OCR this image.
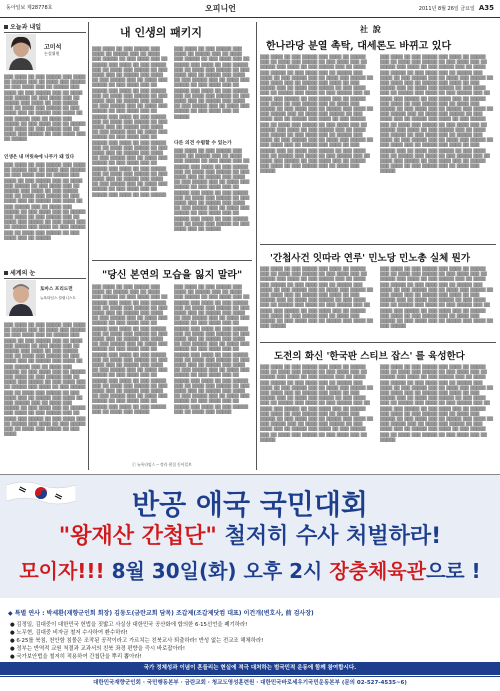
동아일보 제28778호	오피니언	2011년 8월 26일 금요일 A35
오늘과 내일
고미석
논설위원
▒▒▒ ▒▒▒▒ ▒▒ ▒▒▒ ▒▒▒▒▒ ▒▒▒ ▒▒▒▒ ▒▒ ▒▒▒▒▒ ▒▒▒ ▒▒ ▒▒▒▒ ▒▒▒ ▒▒▒▒▒ ▒▒ ▒▒▒ ▒▒▒▒ ▒▒▒ ▒▒ ▒▒▒▒▒ ▒▒▒ ▒▒▒▒ ▒▒ ▒▒▒ ▒▒▒▒▒ ▒▒▒ ▒▒ ▒▒▒▒ ▒▒▒ ▒▒▒▒▒ ▒▒ ▒▒▒ ▒▒▒▒ ▒▒▒ ▒▒ ▒▒▒▒▒ ▒▒▒ ▒▒▒▒ ▒▒ ▒▒▒ ▒▒▒▒▒ ▒▒▒ ▒▒ ▒▒▒▒ ▒▒▒ ▒▒▒▒▒ ▒▒ ▒▒▒ ▒▒▒▒ ▒▒▒ ▒▒ ▒▒▒▒▒ ▒▒▒ ▒▒▒▒ ▒▒ ▒▒▒ ▒▒▒▒▒ ▒▒▒ ▒▒ ▒▒▒▒ ▒▒▒ ▒▒▒▒▒ ▒▒ ▒▒▒ ▒▒▒▒ ▒▒▒ ▒▒ ▒▒▒▒▒ ▒▒▒ ▒▒▒▒ ▒▒ ▒▒▒ ▒▒▒▒▒ ▒▒▒ ▒▒ ▒▒▒▒ ▒▒▒ ▒▒▒▒▒ ▒▒ ▒▒▒ ▒▒▒▒ ▒▒▒ ▒▒ ▒▒▒▒▒
인생은 내 머릿속에 나무가 돼 있다
▒▒▒ ▒▒▒▒ ▒▒ ▒▒▒ ▒▒▒▒▒ ▒▒▒ ▒▒▒▒ ▒▒ ▒▒▒▒▒ ▒▒▒ ▒▒ ▒▒▒▒ ▒▒▒ ▒▒▒▒▒ ▒▒ ▒▒▒ ▒▒▒▒ ▒▒▒ ▒▒ ▒▒▒▒▒ ▒▒▒ ▒▒▒▒ ▒▒ ▒▒▒ ▒▒▒▒▒ ▒▒▒ ▒▒ ▒▒▒▒ ▒▒▒ ▒▒▒▒▒ ▒▒ ▒▒▒ ▒▒▒▒ ▒▒▒ ▒▒ ▒▒▒▒▒ ▒▒▒ ▒▒▒▒ ▒▒ ▒▒▒ ▒▒▒▒▒ ▒▒▒ ▒▒ ▒▒▒▒ ▒▒▒ ▒▒▒▒▒ ▒▒ ▒▒▒ ▒▒▒▒ ▒▒▒ ▒▒ ▒▒▒▒▒ ▒▒▒ ▒▒▒▒ ▒▒ ▒▒▒ ▒▒▒▒▒ ▒▒▒ ▒▒ ▒▒▒▒ ▒▒▒ ▒▒▒▒▒ ▒▒ ▒▒▒ ▒▒▒▒ ▒▒▒ ▒▒ ▒▒▒▒▒ ▒▒▒ ▒▒▒▒ ▒▒ ▒▒▒ ▒▒▒▒▒ ▒▒▒ ▒▒ ▒▒▒▒ ▒▒▒ ▒▒▒▒▒ ▒▒ ▒▒▒ ▒▒▒▒ ▒▒▒ ▒▒ ▒▒▒▒▒ ▒▒▒ ▒▒▒▒ ▒▒ ▒▒▒ ▒▒▒▒▒ ▒▒▒ ▒▒ ▒▒▒▒ ▒▒▒ ▒▒▒▒▒ ▒▒ ▒▒▒ ▒▒▒▒ ▒▒▒ ▒▒ ▒▒▒▒▒
세계의 눈
토마스 프리드먼
뉴욕타임스 칼럼니스트
▒▒▒ ▒▒▒▒ ▒▒ ▒▒▒ ▒▒▒▒▒ ▒▒▒ ▒▒▒▒ ▒▒ ▒▒▒▒▒ ▒▒▒ ▒▒ ▒▒▒▒ ▒▒▒ ▒▒▒▒▒ ▒▒ ▒▒▒ ▒▒▒▒ ▒▒▒ ▒▒ ▒▒▒▒▒ ▒▒▒ ▒▒▒▒ ▒▒ ▒▒▒ ▒▒▒▒▒ ▒▒▒ ▒▒ ▒▒▒▒ ▒▒▒ ▒▒▒▒▒ ▒▒ ▒▒▒ ▒▒▒▒ ▒▒▒ ▒▒ ▒▒▒▒▒ ▒▒▒ ▒▒▒▒ ▒▒ ▒▒▒ ▒▒▒▒▒ ▒▒▒ ▒▒ ▒▒▒▒ ▒▒▒ ▒▒▒▒▒ ▒▒ ▒▒▒ ▒▒▒▒ ▒▒▒ ▒▒ ▒▒▒▒▒ ▒▒▒ ▒▒▒▒ ▒▒ ▒▒▒ ▒▒▒▒▒ ▒▒▒ ▒▒ ▒▒▒▒ ▒▒▒ ▒▒▒▒▒ ▒▒ ▒▒▒ ▒▒▒▒ ▒▒▒ ▒▒ ▒▒▒▒▒ ▒▒▒ ▒▒▒▒ ▒▒ ▒▒▒ ▒▒▒▒▒ ▒▒▒ ▒▒ ▒▒▒▒ ▒▒▒ ▒▒▒▒▒ ▒▒ ▒▒▒ ▒▒▒▒ ▒▒▒ ▒▒ ▒▒▒▒▒ ▒▒▒ ▒▒▒▒ ▒▒ ▒▒▒ ▒▒▒▒▒ ▒▒▒ ▒▒ ▒▒▒▒ ▒▒▒ ▒▒▒▒▒ ▒▒ ▒▒▒ ▒▒▒▒ ▒▒▒ ▒▒ ▒▒▒▒▒ ▒▒▒ ▒▒▒▒ ▒▒ ▒▒▒ ▒▒▒▒▒ ▒▒▒ ▒▒ ▒▒▒▒ ▒▒▒ ▒▒▒▒▒ ▒▒ ▒▒▒ ▒▒▒▒ ▒▒▒ ▒▒ ▒▒▒▒▒ ▒▒▒ ▒▒▒▒ ▒▒ ▒▒▒ ▒▒▒▒▒ ▒▒▒ ▒▒ ▒▒▒▒ ▒▒▒ ▒▒▒▒▒ ▒▒ ▒▒▒ ▒▒▒▒ ▒▒▒ ▒▒ ▒▒▒▒▒ ▒▒▒ ▒▒▒▒ ▒▒ ▒▒▒ ▒▒▒▒▒ ▒▒▒ ▒▒ ▒▒▒▒ ▒▒▒ ▒▒▒▒▒ ▒▒ ▒▒▒ ▒▒▒▒
내 인생의 패키지
▒▒▒ ▒▒▒▒ ▒▒ ▒▒▒ ▒▒▒▒▒ ▒▒▒ ▒▒▒▒ ▒▒ ▒▒▒▒▒ ▒▒▒ ▒▒ ▒▒▒▒ ▒▒▒ ▒▒▒▒▒ ▒▒ ▒▒▒ ▒▒▒▒ ▒▒▒ ▒▒ ▒▒▒▒▒ ▒▒▒ ▒▒▒▒ ▒▒ ▒▒▒ ▒▒▒▒▒ ▒▒▒ ▒▒ ▒▒▒▒ ▒▒▒ ▒▒▒▒▒ ▒▒ ▒▒▒ ▒▒▒▒ ▒▒▒ ▒▒ ▒▒▒▒▒ ▒▒▒ ▒▒▒▒ ▒▒ ▒▒▒ ▒▒▒▒▒ ▒▒▒ ▒▒ ▒▒▒▒ ▒▒▒ ▒▒▒▒▒ ▒▒ ▒▒▒ ▒▒▒▒ ▒▒▒ ▒▒ ▒▒▒▒▒ ▒▒▒ ▒▒▒▒ ▒▒ ▒▒▒ ▒▒▒▒▒ ▒▒▒ ▒▒ ▒▒▒▒ ▒▒▒ ▒▒▒▒▒ ▒▒ ▒▒▒ ▒▒▒▒ ▒▒▒ ▒▒ ▒▒▒▒▒ ▒▒▒ ▒▒▒▒ ▒▒ ▒▒▒ ▒▒▒▒▒ ▒▒▒ ▒▒ ▒▒▒▒ ▒▒▒ ▒▒▒▒▒ ▒▒ ▒▒▒ ▒▒▒▒ ▒▒▒ ▒▒ ▒▒▒▒▒ ▒▒▒ ▒▒▒▒ ▒▒ ▒▒▒ ▒▒▒▒▒ ▒▒▒ ▒▒ ▒▒▒▒ ▒▒▒ ▒▒▒▒▒ ▒▒ ▒▒▒ ▒▒▒▒ ▒▒▒ ▒▒ ▒▒▒▒▒ ▒▒▒ ▒▒▒▒ ▒▒ ▒▒▒ ▒▒▒▒▒ ▒▒▒ ▒▒ ▒▒▒▒ ▒▒▒ ▒▒▒▒▒ ▒▒ ▒▒▒ ▒▒▒▒ ▒▒▒ ▒▒ ▒▒▒▒▒ ▒▒▒ ▒▒▒▒ ▒▒ ▒▒▒ ▒▒▒▒▒ ▒▒▒ ▒▒ ▒▒▒▒ ▒▒▒ ▒▒▒▒▒ ▒▒ ▒▒▒ ▒▒▒▒ ▒▒▒ ▒▒ ▒▒▒▒▒ ▒▒▒ ▒▒▒▒ ▒▒ ▒▒▒ ▒▒▒▒▒ ▒▒▒ ▒▒ ▒▒▒▒ ▒▒▒ ▒▒▒▒▒ ▒▒ ▒▒▒ ▒▒▒▒ ▒▒▒ ▒▒ ▒▒▒▒▒ ▒▒▒ ▒▒▒▒ ▒▒ ▒▒▒ ▒▒▒▒▒ ▒▒▒ ▒▒ ▒▒▒▒ ▒▒▒ ▒▒▒▒▒ ▒▒ ▒▒▒ ▒▒▒▒ ▒▒▒ ▒▒ ▒▒▒▒▒ ▒▒▒ ▒▒▒▒ ▒▒ ▒▒▒ ▒▒▒▒▒ ▒▒▒ ▒▒ ▒▒▒▒ ▒▒▒ ▒▒▒▒▒ ▒▒ ▒▒▒ ▒▒▒▒ ▒▒▒ ▒▒ ▒▒▒▒▒ ▒▒▒ ▒▒▒▒ ▒▒ ▒▒▒ ▒▒▒▒▒
▒▒▒ ▒▒▒▒ ▒▒ ▒▒▒ ▒▒▒▒▒ ▒▒▒ ▒▒▒▒ ▒▒ ▒▒▒▒▒ ▒▒▒ ▒▒ ▒▒▒▒ ▒▒▒ ▒▒▒▒▒ ▒▒ ▒▒▒ ▒▒▒▒ ▒▒▒ ▒▒ ▒▒▒▒▒ ▒▒▒ ▒▒▒▒ ▒▒ ▒▒▒ ▒▒▒▒▒ ▒▒▒ ▒▒ ▒▒▒▒ ▒▒▒ ▒▒▒▒▒ ▒▒ ▒▒▒ ▒▒▒▒ ▒▒▒ ▒▒ ▒▒▒▒▒ ▒▒▒ ▒▒▒▒ ▒▒ ▒▒▒ ▒▒▒▒▒ ▒▒▒ ▒▒ ▒▒▒▒ ▒▒▒ ▒▒▒▒▒ ▒▒ ▒▒▒ ▒▒▒▒ ▒▒▒ ▒▒ ▒▒▒▒▒ ▒▒▒ ▒▒▒▒ ▒▒ ▒▒▒ ▒▒▒▒▒ ▒▒▒ ▒▒ ▒▒▒▒ ▒▒▒ ▒▒▒▒▒ ▒▒ ▒▒▒ ▒▒▒▒ ▒▒▒ ▒▒ ▒▒▒▒▒ ▒▒▒ ▒▒▒▒ ▒▒ ▒▒▒ ▒▒▒▒▒ ▒▒▒ ▒▒ ▒▒▒▒ ▒▒▒ ▒▒▒▒▒ ▒▒ ▒▒▒ ▒▒▒▒ ▒▒▒ ▒▒ ▒▒▒▒▒
다른 의견 수렴할 수 있는가
▒▒▒ ▒▒▒▒ ▒▒ ▒▒▒ ▒▒▒▒▒ ▒▒▒ ▒▒▒▒ ▒▒ ▒▒▒▒▒ ▒▒▒ ▒▒ ▒▒▒▒ ▒▒▒ ▒▒▒▒▒ ▒▒ ▒▒▒ ▒▒▒▒ ▒▒▒ ▒▒ ▒▒▒▒▒ ▒▒▒ ▒▒▒▒ ▒▒ ▒▒▒ ▒▒▒▒▒ ▒▒▒ ▒▒ ▒▒▒▒ ▒▒▒ ▒▒▒▒▒ ▒▒ ▒▒▒ ▒▒▒▒ ▒▒▒ ▒▒ ▒▒▒▒▒ ▒▒▒ ▒▒▒▒ ▒▒ ▒▒▒ ▒▒▒▒▒ ▒▒▒ ▒▒ ▒▒▒▒ ▒▒▒ ▒▒▒▒▒ ▒▒ ▒▒▒ ▒▒▒▒ ▒▒▒ ▒▒ ▒▒▒▒▒ ▒▒▒ ▒▒▒▒ ▒▒ ▒▒▒ ▒▒▒▒▒ ▒▒▒ ▒▒ ▒▒▒▒ ▒▒▒ ▒▒▒▒▒ ▒▒ ▒▒▒ ▒▒▒▒ ▒▒▒ ▒▒ ▒▒▒▒▒ ▒▒▒ ▒▒▒▒ ▒▒ ▒▒▒ ▒▒▒▒▒ ▒▒▒ ▒▒ ▒▒▒▒ ▒▒▒ ▒▒▒▒▒ ▒▒ ▒▒▒ ▒▒▒▒ ▒▒▒ ▒▒ ▒▒▒▒▒ ▒▒▒ ▒▒▒▒ ▒▒ ▒▒▒ ▒▒▒▒▒ ▒▒▒ ▒▒ ▒▒▒▒ ▒▒▒ ▒▒▒▒▒ ▒▒ ▒▒▒ ▒▒▒▒ ▒▒▒ ▒▒ ▒▒▒▒▒
"당신 본연의 모습을 잃지 말라"
▒▒▒ ▒▒▒▒ ▒▒ ▒▒▒ ▒▒▒▒▒ ▒▒▒ ▒▒▒▒ ▒▒ ▒▒▒▒▒ ▒▒▒ ▒▒ ▒▒▒▒ ▒▒▒ ▒▒▒▒▒ ▒▒ ▒▒▒ ▒▒▒▒ ▒▒▒ ▒▒ ▒▒▒▒▒ ▒▒▒ ▒▒▒▒ ▒▒ ▒▒▒ ▒▒▒▒▒ ▒▒▒ ▒▒ ▒▒▒▒ ▒▒▒ ▒▒▒▒▒ ▒▒ ▒▒▒ ▒▒▒▒ ▒▒▒ ▒▒ ▒▒▒▒▒ ▒▒▒ ▒▒▒▒ ▒▒ ▒▒▒ ▒▒▒▒▒ ▒▒▒ ▒▒ ▒▒▒▒ ▒▒▒ ▒▒▒▒▒ ▒▒ ▒▒▒ ▒▒▒▒ ▒▒▒ ▒▒ ▒▒▒▒▒ ▒▒▒ ▒▒▒▒ ▒▒ ▒▒▒ ▒▒▒▒▒ ▒▒▒ ▒▒ ▒▒▒▒ ▒▒▒ ▒▒▒▒▒ ▒▒ ▒▒▒ ▒▒▒▒ ▒▒▒ ▒▒ ▒▒▒▒▒ ▒▒▒ ▒▒▒▒ ▒▒ ▒▒▒ ▒▒▒▒▒ ▒▒▒ ▒▒ ▒▒▒▒ ▒▒▒ ▒▒▒▒▒ ▒▒ ▒▒▒ ▒▒▒▒ ▒▒▒ ▒▒ ▒▒▒▒▒ ▒▒▒ ▒▒▒▒ ▒▒ ▒▒▒ ▒▒▒▒▒ ▒▒▒ ▒▒ ▒▒▒▒ ▒▒▒ ▒▒▒▒▒ ▒▒ ▒▒▒ ▒▒▒▒ ▒▒▒ ▒▒ ▒▒▒▒▒ ▒▒▒ ▒▒▒▒ ▒▒ ▒▒▒ ▒▒▒▒▒ ▒▒▒ ▒▒ ▒▒▒▒ ▒▒▒ ▒▒▒▒▒ ▒▒ ▒▒▒ ▒▒▒▒ ▒▒▒ ▒▒ ▒▒▒▒▒ ▒▒▒ ▒▒▒▒ ▒▒ ▒▒▒ ▒▒▒▒▒ ▒▒▒ ▒▒ ▒▒▒▒ ▒▒▒ ▒▒▒▒▒ ▒▒ ▒▒▒ ▒▒▒▒ ▒▒▒ ▒▒ ▒▒▒▒▒ ▒▒▒ ▒▒▒▒ ▒▒ ▒▒▒ ▒▒▒▒▒ ▒▒▒ ▒▒ ▒▒▒▒ ▒▒▒ ▒▒▒▒▒ ▒▒ ▒▒▒ ▒▒▒▒ ▒▒▒ ▒▒ ▒▒▒▒▒ ▒▒▒ ▒▒▒▒ ▒▒ ▒▒▒ ▒▒▒▒▒ ▒▒▒ ▒▒ ▒▒▒▒ ▒▒▒ ▒▒▒▒▒
▒▒▒ ▒▒▒▒ ▒▒ ▒▒▒ ▒▒▒▒▒ ▒▒▒ ▒▒▒▒ ▒▒ ▒▒▒▒▒ ▒▒▒ ▒▒ ▒▒▒▒ ▒▒▒ ▒▒▒▒▒ ▒▒ ▒▒▒ ▒▒▒▒ ▒▒▒ ▒▒ ▒▒▒▒▒ ▒▒▒ ▒▒▒▒ ▒▒ ▒▒▒ ▒▒▒▒▒ ▒▒▒ ▒▒ ▒▒▒▒ ▒▒▒ ▒▒▒▒▒ ▒▒ ▒▒▒ ▒▒▒▒ ▒▒▒ ▒▒ ▒▒▒▒▒ ▒▒▒ ▒▒▒▒ ▒▒ ▒▒▒ ▒▒▒▒▒ ▒▒▒ ▒▒ ▒▒▒▒ ▒▒▒ ▒▒▒▒▒ ▒▒ ▒▒▒ ▒▒▒▒ ▒▒▒ ▒▒ ▒▒▒▒▒ ▒▒▒ ▒▒▒▒ ▒▒ ▒▒▒ ▒▒▒▒▒ ▒▒▒ ▒▒ ▒▒▒▒ ▒▒▒ ▒▒▒▒▒ ▒▒ ▒▒▒ ▒▒▒▒ ▒▒▒ ▒▒ ▒▒▒▒▒ ▒▒▒ ▒▒▒▒ ▒▒ ▒▒▒ ▒▒▒▒▒ ▒▒▒ ▒▒ ▒▒▒▒ ▒▒▒ ▒▒▒▒▒ ▒▒ ▒▒▒ ▒▒▒▒ ▒▒▒ ▒▒ ▒▒▒▒▒ ▒▒▒ ▒▒▒▒ ▒▒ ▒▒▒ ▒▒▒▒▒ ▒▒▒ ▒▒ ▒▒▒▒ ▒▒▒ ▒▒▒▒▒ ▒▒ ▒▒▒ ▒▒▒▒ ▒▒▒ ▒▒ ▒▒▒▒▒ ▒▒▒ ▒▒▒▒ ▒▒ ▒▒▒ ▒▒▒▒▒ ▒▒▒ ▒▒ ▒▒▒▒ ▒▒▒ ▒▒▒▒▒ ▒▒ ▒▒▒ ▒▒▒▒ ▒▒▒ ▒▒ ▒▒▒▒▒ ▒▒▒ ▒▒▒▒ ▒▒ ▒▒▒ ▒▒▒▒▒ ▒▒▒ ▒▒ ▒▒▒▒ ▒▒▒ ▒▒▒▒▒ ▒▒ ▒▒▒ ▒▒▒▒ ▒▒▒ ▒▒ ▒▒▒▒▒ ▒▒▒ ▒▒▒▒ ▒▒ ▒▒▒ ▒▒▒▒▒ ▒▒▒ ▒▒ ▒▒▒▒ ▒▒▒ ▒▒▒▒▒ ▒▒ ▒▒▒ ▒▒▒▒ ▒▒▒ ▒▒ ▒▒▒▒▒ ▒▒▒ ▒▒▒▒ ▒▒ ▒▒▒ ▒▒▒▒▒ ▒▒▒ ▒▒ ▒▒▒▒ ▒▒▒ ▒▒▒▒▒
ⓒ 뉴욕타임스 ─ 정리·편집 동아일보
社 說
한나라당 분열 촉탁, 대세론도 바뀌고 있다
▒▒▒ ▒▒▒▒ ▒▒ ▒▒▒ ▒▒▒▒▒ ▒▒▒ ▒▒▒▒ ▒▒ ▒▒▒▒▒ ▒▒▒ ▒▒ ▒▒▒▒ ▒▒▒ ▒▒▒▒▒ ▒▒ ▒▒▒ ▒▒▒▒ ▒▒▒ ▒▒ ▒▒▒▒▒ ▒▒▒ ▒▒▒▒ ▒▒ ▒▒▒ ▒▒▒▒▒ ▒▒▒ ▒▒ ▒▒▒▒ ▒▒▒ ▒▒▒▒▒ ▒▒ ▒▒▒ ▒▒▒▒ ▒▒▒ ▒▒ ▒▒▒▒▒ ▒▒▒ ▒▒▒▒ ▒▒ ▒▒▒ ▒▒▒▒▒ ▒▒▒ ▒▒ ▒▒▒▒ ▒▒▒ ▒▒▒▒▒ ▒▒ ▒▒▒ ▒▒▒▒ ▒▒▒ ▒▒ ▒▒▒▒▒ ▒▒▒ ▒▒▒▒ ▒▒ ▒▒▒ ▒▒▒▒▒ ▒▒▒ ▒▒ ▒▒▒▒ ▒▒▒ ▒▒▒▒▒ ▒▒ ▒▒▒ ▒▒▒▒ ▒▒▒ ▒▒ ▒▒▒▒▒ ▒▒▒ ▒▒▒▒ ▒▒ ▒▒▒ ▒▒▒▒▒ ▒▒▒ ▒▒ ▒▒▒▒ ▒▒▒ ▒▒▒▒▒ ▒▒ ▒▒▒ ▒▒▒▒ ▒▒▒ ▒▒ ▒▒▒▒▒ ▒▒▒ ▒▒▒▒ ▒▒ ▒▒▒ ▒▒▒▒▒ ▒▒▒ ▒▒ ▒▒▒▒ ▒▒▒ ▒▒▒▒▒ ▒▒ ▒▒▒ ▒▒▒▒ ▒▒▒ ▒▒ ▒▒▒▒▒ ▒▒▒ ▒▒▒▒ ▒▒ ▒▒▒ ▒▒▒▒▒ ▒▒▒ ▒▒ ▒▒▒▒ ▒▒▒ ▒▒▒▒▒ ▒▒ ▒▒▒ ▒▒▒▒ ▒▒▒ ▒▒ ▒▒▒▒▒ ▒▒▒ ▒▒▒▒ ▒▒ ▒▒▒ ▒▒▒▒▒ ▒▒▒ ▒▒ ▒▒▒▒ ▒▒▒ ▒▒▒▒▒ ▒▒ ▒▒▒ ▒▒▒▒ ▒▒▒ ▒▒ ▒▒▒▒▒ ▒▒▒ ▒▒▒▒ ▒▒ ▒▒▒ ▒▒▒▒▒ ▒▒▒ ▒▒ ▒▒▒▒ ▒▒▒ ▒▒▒▒▒ ▒▒ ▒▒▒ ▒▒▒▒ ▒▒▒ ▒▒ ▒▒▒▒▒ ▒▒▒ ▒▒▒▒ ▒▒ ▒▒▒ ▒▒▒▒▒ ▒▒▒ ▒▒ ▒▒▒▒ ▒▒▒ ▒▒▒▒▒ ▒▒ ▒▒▒ ▒▒▒▒ ▒▒▒ ▒▒ ▒▒▒▒▒ ▒▒▒ ▒▒▒▒ ▒▒ ▒▒▒ ▒▒▒▒▒ ▒▒▒ ▒▒ ▒▒▒▒ ▒▒▒ ▒▒▒▒▒ ▒▒ ▒▒▒ ▒▒▒▒ ▒▒▒ ▒▒ ▒▒▒▒▒ ▒▒▒ ▒▒▒▒ ▒▒ ▒▒▒ ▒▒▒▒▒ ▒▒▒ ▒▒ ▒▒▒▒ ▒▒▒ ▒▒▒▒▒ ▒▒ ▒▒▒ ▒▒▒▒ ▒▒▒ ▒▒ ▒▒▒▒▒ ▒▒▒ ▒▒▒▒ ▒▒ ▒▒▒ ▒▒▒▒▒ ▒▒▒ ▒▒ ▒▒▒▒ ▒▒▒ ▒▒▒▒▒
▒▒▒ ▒▒▒▒ ▒▒ ▒▒▒ ▒▒▒▒▒ ▒▒▒ ▒▒▒▒ ▒▒ ▒▒▒▒▒ ▒▒▒ ▒▒ ▒▒▒▒ ▒▒▒ ▒▒▒▒▒ ▒▒ ▒▒▒ ▒▒▒▒ ▒▒▒ ▒▒ ▒▒▒▒▒ ▒▒▒ ▒▒▒▒ ▒▒ ▒▒▒ ▒▒▒▒▒ ▒▒▒ ▒▒ ▒▒▒▒ ▒▒▒ ▒▒▒▒▒ ▒▒ ▒▒▒ ▒▒▒▒ ▒▒▒ ▒▒ ▒▒▒▒▒ ▒▒▒ ▒▒▒▒ ▒▒ ▒▒▒ ▒▒▒▒▒ ▒▒▒ ▒▒ ▒▒▒▒ ▒▒▒ ▒▒▒▒▒ ▒▒ ▒▒▒ ▒▒▒▒ ▒▒▒ ▒▒ ▒▒▒▒▒ ▒▒▒ ▒▒▒▒ ▒▒ ▒▒▒ ▒▒▒▒▒ ▒▒▒ ▒▒ ▒▒▒▒ ▒▒▒ ▒▒▒▒▒ ▒▒ ▒▒▒ ▒▒▒▒ ▒▒▒ ▒▒ ▒▒▒▒▒ ▒▒▒ ▒▒▒▒ ▒▒ ▒▒▒ ▒▒▒▒▒ ▒▒▒ ▒▒ ▒▒▒▒ ▒▒▒ ▒▒▒▒▒ ▒▒ ▒▒▒ ▒▒▒▒ ▒▒▒ ▒▒ ▒▒▒▒▒ ▒▒▒ ▒▒▒▒ ▒▒ ▒▒▒ ▒▒▒▒▒ ▒▒▒ ▒▒ ▒▒▒▒ ▒▒▒ ▒▒▒▒▒ ▒▒ ▒▒▒ ▒▒▒▒ ▒▒▒ ▒▒ ▒▒▒▒▒ ▒▒▒ ▒▒▒▒ ▒▒ ▒▒▒ ▒▒▒▒▒ ▒▒▒ ▒▒ ▒▒▒▒ ▒▒▒ ▒▒▒▒▒ ▒▒ ▒▒▒ ▒▒▒▒ ▒▒▒ ▒▒ ▒▒▒▒▒ ▒▒▒ ▒▒▒▒ ▒▒ ▒▒▒ ▒▒▒▒▒ ▒▒▒ ▒▒ ▒▒▒▒ ▒▒▒ ▒▒▒▒▒ ▒▒ ▒▒▒ ▒▒▒▒ ▒▒▒ ▒▒ ▒▒▒▒▒ ▒▒▒ ▒▒▒▒ ▒▒ ▒▒▒ ▒▒▒▒▒ ▒▒▒ ▒▒ ▒▒▒▒ ▒▒▒ ▒▒▒▒▒ ▒▒ ▒▒▒ ▒▒▒▒ ▒▒▒ ▒▒ ▒▒▒▒▒ ▒▒▒ ▒▒▒▒ ▒▒ ▒▒▒ ▒▒▒▒▒ ▒▒▒ ▒▒ ▒▒▒▒ ▒▒▒ ▒▒▒▒▒ ▒▒ ▒▒▒ ▒▒▒▒ ▒▒▒ ▒▒ ▒▒▒▒▒ ▒▒▒ ▒▒▒▒ ▒▒ ▒▒▒ ▒▒▒▒▒ ▒▒▒ ▒▒ ▒▒▒▒ ▒▒▒ ▒▒▒▒▒ ▒▒ ▒▒▒ ▒▒▒▒ ▒▒▒ ▒▒ ▒▒▒▒▒ ▒▒▒ ▒▒▒▒ ▒▒ ▒▒▒ ▒▒▒▒▒ ▒▒▒ ▒▒ ▒▒▒▒ ▒▒▒ ▒▒▒▒▒ ▒▒ ▒▒▒ ▒▒▒▒ ▒▒▒ ▒▒ ▒▒▒▒▒ ▒▒▒ ▒▒▒▒ ▒▒ ▒▒▒ ▒▒▒▒▒ ▒▒▒ ▒▒ ▒▒▒▒ ▒▒▒ ▒▒▒▒▒
'간첩사건 잇따라 연루' 민노당 민노총 실체 뭔가
▒▒▒ ▒▒▒▒ ▒▒ ▒▒▒ ▒▒▒▒▒ ▒▒▒ ▒▒▒▒ ▒▒ ▒▒▒▒▒ ▒▒▒ ▒▒ ▒▒▒▒ ▒▒▒ ▒▒▒▒▒ ▒▒ ▒▒▒ ▒▒▒▒ ▒▒▒ ▒▒ ▒▒▒▒▒ ▒▒▒ ▒▒▒▒ ▒▒ ▒▒▒ ▒▒▒▒▒ ▒▒▒ ▒▒ ▒▒▒▒ ▒▒▒ ▒▒▒▒▒ ▒▒ ▒▒▒ ▒▒▒▒ ▒▒▒ ▒▒ ▒▒▒▒▒ ▒▒▒ ▒▒▒▒ ▒▒ ▒▒▒ ▒▒▒▒▒ ▒▒▒ ▒▒ ▒▒▒▒ ▒▒▒ ▒▒▒▒▒ ▒▒ ▒▒▒ ▒▒▒▒ ▒▒▒ ▒▒ ▒▒▒▒▒ ▒▒▒ ▒▒▒▒ ▒▒ ▒▒▒ ▒▒▒▒▒ ▒▒▒ ▒▒ ▒▒▒▒ ▒▒▒ ▒▒▒▒▒ ▒▒ ▒▒▒ ▒▒▒▒ ▒▒▒ ▒▒ ▒▒▒▒▒ ▒▒▒ ▒▒▒▒ ▒▒ ▒▒▒ ▒▒▒▒▒ ▒▒▒ ▒▒ ▒▒▒▒ ▒▒▒ ▒▒▒▒▒ ▒▒ ▒▒▒ ▒▒▒▒ ▒▒▒ ▒▒ ▒▒▒▒▒ ▒▒▒ ▒▒▒▒ ▒▒ ▒▒▒ ▒▒▒▒▒ ▒▒▒ ▒▒ ▒▒▒▒ ▒▒▒ ▒▒▒▒▒ ▒▒ ▒▒▒ ▒▒▒▒ ▒▒▒ ▒▒ ▒▒▒▒▒ ▒▒▒ ▒▒▒▒ ▒▒ ▒▒▒ ▒▒▒▒▒
▒▒▒ ▒▒▒▒ ▒▒ ▒▒▒ ▒▒▒▒▒ ▒▒▒ ▒▒▒▒ ▒▒ ▒▒▒▒▒ ▒▒▒ ▒▒ ▒▒▒▒ ▒▒▒ ▒▒▒▒▒ ▒▒ ▒▒▒ ▒▒▒▒ ▒▒▒ ▒▒ ▒▒▒▒▒ ▒▒▒ ▒▒▒▒ ▒▒ ▒▒▒ ▒▒▒▒▒ ▒▒▒ ▒▒ ▒▒▒▒ ▒▒▒ ▒▒▒▒▒ ▒▒ ▒▒▒ ▒▒▒▒ ▒▒▒ ▒▒ ▒▒▒▒▒ ▒▒▒ ▒▒▒▒ ▒▒ ▒▒▒ ▒▒▒▒▒ ▒▒▒ ▒▒ ▒▒▒▒ ▒▒▒ ▒▒▒▒▒ ▒▒ ▒▒▒ ▒▒▒▒ ▒▒▒ ▒▒ ▒▒▒▒▒ ▒▒▒ ▒▒▒▒ ▒▒ ▒▒▒ ▒▒▒▒▒ ▒▒▒ ▒▒ ▒▒▒▒ ▒▒▒ ▒▒▒▒▒ ▒▒ ▒▒▒ ▒▒▒▒ ▒▒▒ ▒▒ ▒▒▒▒▒ ▒▒▒ ▒▒▒▒ ▒▒ ▒▒▒ ▒▒▒▒▒ ▒▒▒ ▒▒ ▒▒▒▒ ▒▒▒ ▒▒▒▒▒ ▒▒ ▒▒▒ ▒▒▒▒ ▒▒▒ ▒▒ ▒▒▒▒▒ ▒▒▒ ▒▒▒▒ ▒▒ ▒▒▒ ▒▒▒▒▒ ▒▒▒ ▒▒ ▒▒▒▒ ▒▒▒ ▒▒▒▒▒ ▒▒ ▒▒▒ ▒▒▒▒ ▒▒▒ ▒▒ ▒▒▒▒▒ ▒▒▒ ▒▒▒▒ ▒▒ ▒▒▒ ▒▒▒▒▒
도전의 화신 '한국판 스티브 잡스' 를 육성한다
▒▒▒ ▒▒▒▒ ▒▒ ▒▒▒ ▒▒▒▒▒ ▒▒▒ ▒▒▒▒ ▒▒ ▒▒▒▒▒ ▒▒▒ ▒▒ ▒▒▒▒ ▒▒▒ ▒▒▒▒▒ ▒▒ ▒▒▒ ▒▒▒▒ ▒▒▒ ▒▒ ▒▒▒▒▒ ▒▒▒ ▒▒▒▒ ▒▒ ▒▒▒ ▒▒▒▒▒ ▒▒▒ ▒▒ ▒▒▒▒ ▒▒▒ ▒▒▒▒▒ ▒▒ ▒▒▒ ▒▒▒▒ ▒▒▒ ▒▒ ▒▒▒▒▒ ▒▒▒ ▒▒▒▒ ▒▒ ▒▒▒ ▒▒▒▒▒ ▒▒▒ ▒▒ ▒▒▒▒ ▒▒▒ ▒▒▒▒▒ ▒▒ ▒▒▒ ▒▒▒▒ ▒▒▒ ▒▒ ▒▒▒▒▒ ▒▒▒ ▒▒▒▒ ▒▒ ▒▒▒ ▒▒▒▒▒ ▒▒▒ ▒▒ ▒▒▒▒ ▒▒▒ ▒▒▒▒▒ ▒▒ ▒▒▒ ▒▒▒▒ ▒▒▒ ▒▒ ▒▒▒▒▒ ▒▒▒ ▒▒▒▒ ▒▒ ▒▒▒ ▒▒▒▒▒ ▒▒▒ ▒▒ ▒▒▒▒ ▒▒▒ ▒▒▒▒▒ ▒▒ ▒▒▒ ▒▒▒▒ ▒▒▒ ▒▒ ▒▒▒▒▒ ▒▒▒ ▒▒▒▒ ▒▒ ▒▒▒ ▒▒▒▒▒ ▒▒▒ ▒▒ ▒▒▒▒ ▒▒▒ ▒▒▒▒▒ ▒▒ ▒▒▒ ▒▒▒▒ ▒▒▒ ▒▒ ▒▒▒▒▒ ▒▒▒ ▒▒▒▒ ▒▒ ▒▒▒ ▒▒▒▒▒ ▒▒▒ ▒▒ ▒▒▒▒ ▒▒▒ ▒▒▒▒▒ ▒▒ ▒▒▒ ▒▒▒▒ ▒▒▒ ▒▒ ▒▒▒▒▒ ▒▒▒ ▒▒▒▒ ▒▒ ▒▒▒ ▒▒▒▒▒ ▒▒▒ ▒▒ ▒▒▒▒ ▒▒▒ ▒▒▒▒▒ ▒▒ ▒▒▒ ▒▒▒▒ ▒▒▒ ▒▒ ▒▒▒▒▒
▒▒▒ ▒▒▒▒ ▒▒ ▒▒▒ ▒▒▒▒▒ ▒▒▒ ▒▒▒▒ ▒▒ ▒▒▒▒▒ ▒▒▒ ▒▒ ▒▒▒▒ ▒▒▒ ▒▒▒▒▒ ▒▒ ▒▒▒ ▒▒▒▒ ▒▒▒ ▒▒ ▒▒▒▒▒ ▒▒▒ ▒▒▒▒ ▒▒ ▒▒▒ ▒▒▒▒▒ ▒▒▒ ▒▒ ▒▒▒▒ ▒▒▒ ▒▒▒▒▒ ▒▒ ▒▒▒ ▒▒▒▒ ▒▒▒ ▒▒ ▒▒▒▒▒ ▒▒▒ ▒▒▒▒ ▒▒ ▒▒▒ ▒▒▒▒▒ ▒▒▒ ▒▒ ▒▒▒▒ ▒▒▒ ▒▒▒▒▒ ▒▒ ▒▒▒ ▒▒▒▒ ▒▒▒ ▒▒ ▒▒▒▒▒ ▒▒▒ ▒▒▒▒ ▒▒ ▒▒▒ ▒▒▒▒▒ ▒▒▒ ▒▒ ▒▒▒▒ ▒▒▒ ▒▒▒▒▒ ▒▒ ▒▒▒ ▒▒▒▒ ▒▒▒ ▒▒ ▒▒▒▒▒ ▒▒▒ ▒▒▒▒ ▒▒ ▒▒▒ ▒▒▒▒▒ ▒▒▒ ▒▒ ▒▒▒▒ ▒▒▒ ▒▒▒▒▒ ▒▒ ▒▒▒ ▒▒▒▒ ▒▒▒ ▒▒ ▒▒▒▒▒ ▒▒▒ ▒▒▒▒ ▒▒ ▒▒▒ ▒▒▒▒▒ ▒▒▒ ▒▒ ▒▒▒▒ ▒▒▒ ▒▒▒▒▒ ▒▒ ▒▒▒ ▒▒▒▒ ▒▒▒ ▒▒ ▒▒▒▒▒ ▒▒▒ ▒▒▒▒ ▒▒ ▒▒▒ ▒▒▒▒▒ ▒▒▒ ▒▒ ▒▒▒▒ ▒▒▒ ▒▒▒▒▒ ▒▒ ▒▒▒ ▒▒▒▒ ▒▒▒ ▒▒ ▒▒▒▒▒ ▒▒▒ ▒▒▒▒ ▒▒ ▒▒▒ ▒▒▒▒▒ ▒▒▒ ▒▒ ▒▒▒▒ ▒▒▒ ▒▒▒▒▒ ▒▒ ▒▒▒ ▒▒▒▒ ▒▒▒ ▒▒ ▒▒▒▒▒
반공 애국 국민대회
"왕재산 간첩단" 철저히 수사 처벌하라!
모이자!!! 8월 30일(화) 오후 2시 장충체육관으로 !
◆ 특별 연사 : 박세환(재향군인회 회장) 김동도(금란교회 담목) 조갑제(조갑제닷컴 대표) 이건개(변호사, 前 검사장)
● 김정일, 김대중이 대한민국 헌법을 짓밟고 사실상 대한민국 공산화에 합의한 6·15선언을 폐기하라!
● 노무현, 김대중 비자금 철저 수사하여 환수하라!
● 6·25를 북침, 천안함 침몰은 조작된 공작이라고 가르치는 친북교사 퇴출하라! 반성 없는 전교조 해체하라!
● 정부는 반역적 교원 척결과 교과서의 친북 좌경 편향을 즉시 바로잡아라!
● 국가보안법을 철저히 적용하여 간첩단을 뿌리 뽑아라!
국가 정체성과 이념이 흔들리는 현실에 적극 대처하는 범국민적 운동에 함께 참여합시다.
대한민국재향군인회 · 국민행동본부 · 금란교회 · 청교도영성훈련원 · 대한민국바로세우기국민운동본부 (문의 02-527-4535~6)
